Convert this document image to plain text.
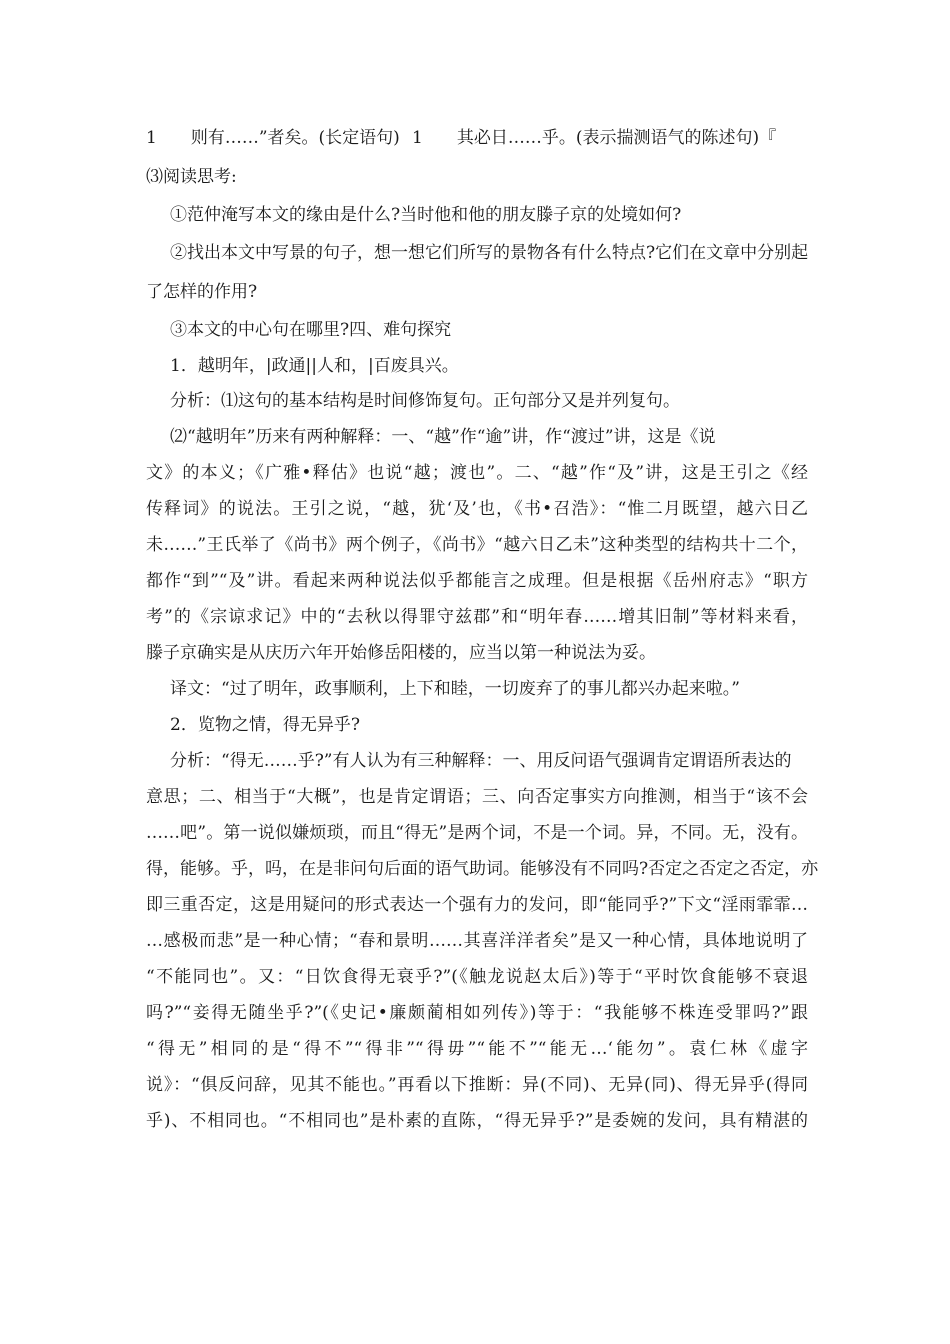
1　　则有……”者矣。(长定语句) 1　　其必日……乎。(表示揣测语气的陈述句)『
⑶阅读思考:
①范仲淹写本文的缘由是什么?当时他和他的朋友滕子京的处境如何?
②找出本文中写景的句子，想一想它们所写的景物各有什么特点?它们在文章中分别起
了怎样的作用?
③本文的中心句在哪里?四、难句探究
1．越明年，|政通||人和，|百废具兴。
分析：⑴这句的基本结构是时间修饰复句。正句部分又是并列复句。
⑵“越明年”历来有两种解释：一、“越”作“逾”讲，作“渡过”讲，这是《说
文》的本义；《广雅•释估》也说“越；渡也”。二、“越”作“及”讲，这是王引之《经
传释词》的说法。王引之说，“越，犹‘及’也，《书•召浩》：“惟二月既望，越六日乙
未……”王氏举了《尚书》两个例子，《尚书》“越六日乙未”这种类型的结构共十二个，
都作“到”“及”讲。看起来两种说法似乎都能言之成理。但是根据《岳州府志》“职方
考”的《宗谅求记》中的“去秋以得罪守兹郡”和“明年春……增其旧制”等材料来看，
滕子京确实是从庆历六年开始修岳阳楼的，应当以第一种说法为妥。
译文：“过了明年，政事顺利，上下和睦，一切废弃了的事儿都兴办起来啦。”
2．览物之情，得无异乎?
分析：“得无……乎?”有人认为有三种解释：一、用反问语气强调肯定谓语所表达的
意思；二、相当于“大概”，也是肯定谓语；三、向否定事实方向推测，相当于“该不会
……吧”。第一说似嫌烦琐，而且“得无”是两个词，不是一个词。异，不同。无，没有。
得，能够。乎，吗，在是非问句后面的语气助词。能够没有不同吗?否定之否定之否定，亦
即三重否定，这是用疑问的形式表达一个强有力的发问，即“能同乎?”下文“淫雨霏霏…
…感极而悲”是一种心情；“春和景明……其喜洋洋者矣”是又一种心情，具体地说明了
“不能同也”。又：“日饮食得无衰乎?”(《触龙说赵太后》)等于“平时饮食能够不衰退
吗?”“妾得无随坐乎?”(《史记•廉颇蔺相如列传》)等于：“我能够不株连受罪吗?”跟
“得无”相同的是“得不”“得非”“得毋”“能不”“能无…‘能勿”。袁仁林《虚字
说》：“俱反问辞，见其不能也。”再看以下推断：异(不同)、无异(同)、得无异乎(得同
乎)、不相同也。“不相同也”是朴素的直陈，“得无异乎?”是委婉的发问，具有精湛的
